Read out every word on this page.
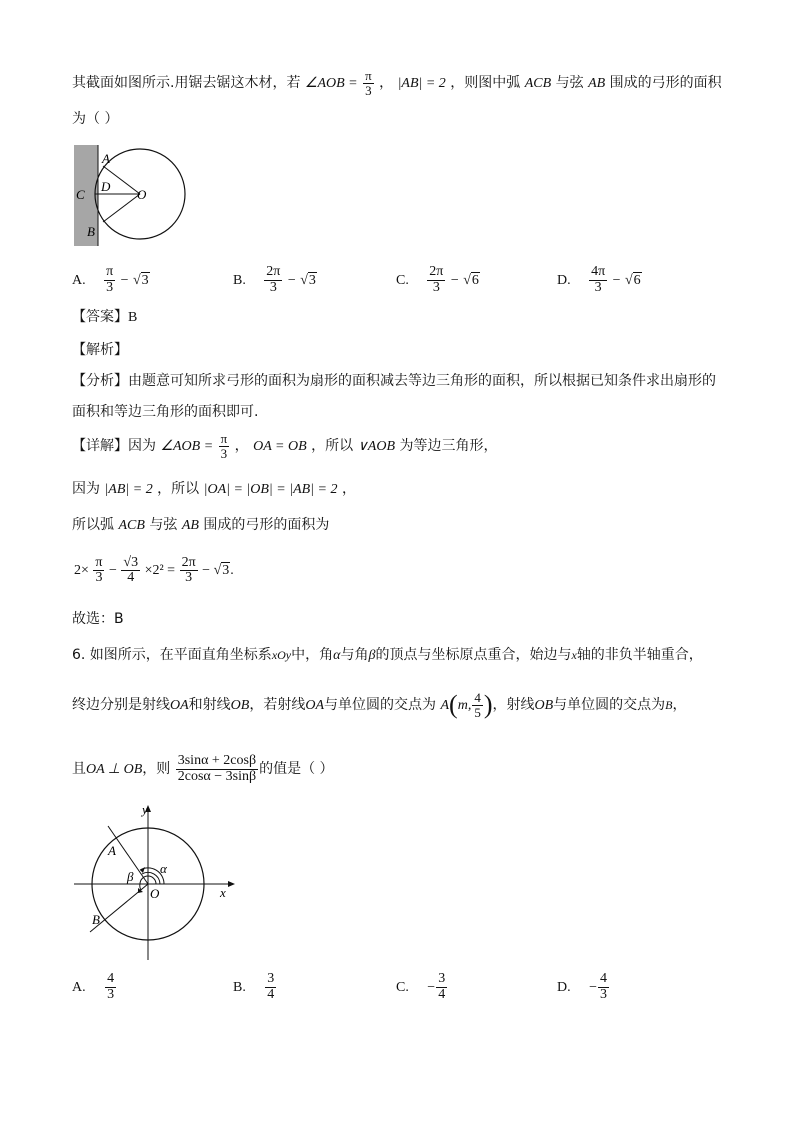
其截面如图所示.用锯去锯这木材，若 ∠AOB = $\frac{\pi}{3}$ ， |AB| = 2 ，则图中弧 ACB 与弦 AB 围成的弓形的面积
为（ ）
A
B
C
D
O
A. $\frac{\pi}{3} - √3$	B. $\frac{2\pi}{3} - √3$	C. $\frac{2\pi}{3} - √6$	D. $\frac{4\pi}{3} - √6$
【答案】B
【解析】
【分析】由题意可知所求弓形的面积为扇形的面积减去等边三角形的面积，所以根据已知条件求出扇形的
面积和等边三角形的面积即可.
【详解】因为 ∠AOB = $\frac{\pi}{3}$ ， OA = OB ，所以 ∨AOB 为等边三角形，
因为 |AB| = 2 ，所以 |OA| = |OB| = |AB| = 2 ，
所以弧 ACB 与弦 AB 围成的弓形的面积为
$2\times \frac{\pi}{3} - \frac{√3}{4} \times 2^2 = \frac{2\pi}{3} - √3$.
故选：B
6. 如图所示，在平面直角坐标系xOy中，角α与角β的顶点与坐标原点重合，始边与x轴的非负半轴重合，
终边分别是射线OA和射线OB，若射线OA与单位圆的交点为 A(m, $\frac{4}{5}$ )，射线OB与单位圆的交点为B，
且OA ⊥ OB，则 $\frac{3\sin\alpha + 2\cos\beta}{2\cos\alpha - 3\sin\beta}$ 的值是（ ）
y
x
A
B
O
α
β
A. $\frac{4}{3}$	B. $\frac{3}{4}$	C. − $\frac{3}{4}$	D. − $\frac{4}{3}$
